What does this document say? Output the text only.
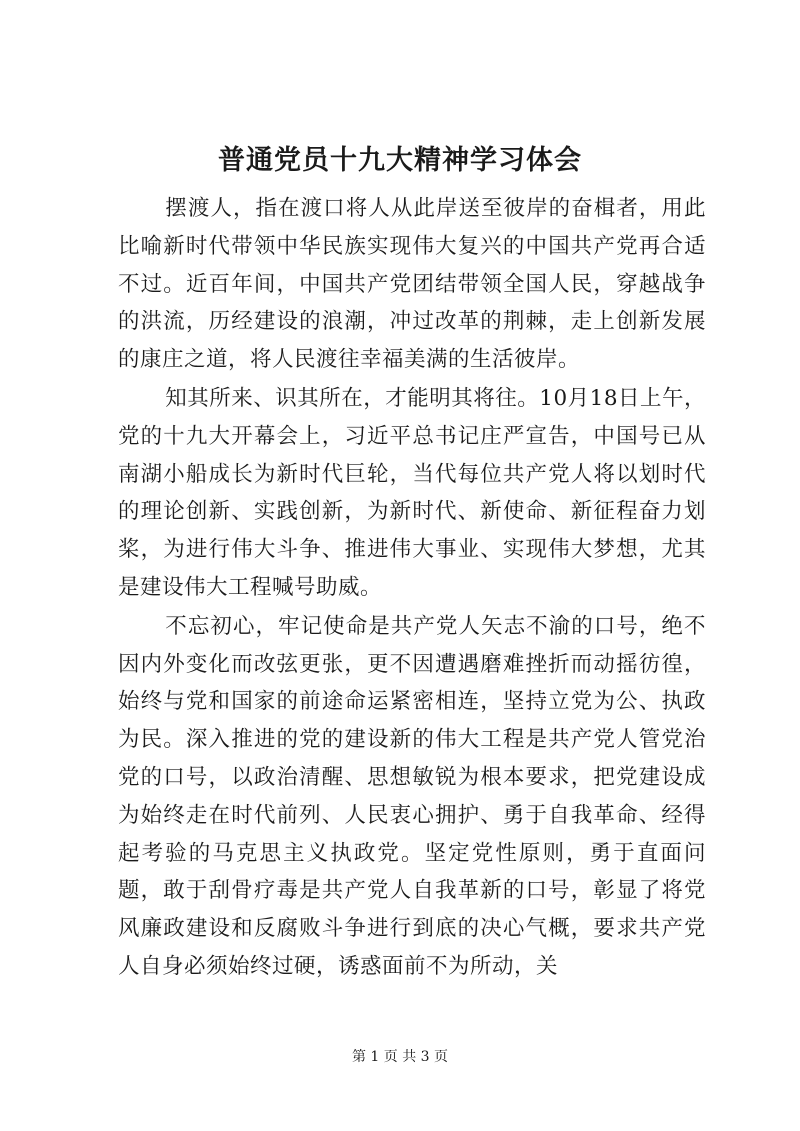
普通党员十九大精神学习体会

摆渡人，指在渡口将人从此岸送至彼岸的奋楫者，用此比喻新时代带领中华民族实现伟大复兴的中国共产党再合适不过。近百年间，中国共产党团结带领全国人民，穿越战争的洪流，历经建设的浪潮，冲过改革的荆棘，走上创新发展的康庄之道，将人民渡往幸福美满的生活彼岸。

知其所来、识其所在，才能明其将往。10月18日上午，党的十九大开幕会上，习近平总书记庄严宣告，中国号已从南湖小船成长为新时代巨轮，当代每位共产党人将以划时代的理论创新、实践创新，为新时代、新使命、新征程奋力划桨，为进行伟大斗争、推进伟大事业、实现伟大梦想，尤其是建设伟大工程喊号助威。

不忘初心，牢记使命是共产党人矢志不渝的口号，绝不因内外变化而改弦更张，更不因遭遇磨难挫折而动摇彷徨，始终与党和国家的前途命运紧密相连，坚持立党为公、执政为民。深入推进的党的建设新的伟大工程是共产党人管党治党的口号，以政治清醒、思想敏锐为根本要求，把党建设成为始终走在时代前列、人民衷心拥护、勇于自我革命、经得起考验的马克思主义执政党。坚定党性原则，勇于直面问题，敢于刮骨疗毒是共产党人自我革新的口号，彰显了将党风廉政建设和反腐败斗争进行到底的决心气概，要求共产党人自身必须始终过硬，诱惑面前不为所动，关

第 1 页 共 3 页
